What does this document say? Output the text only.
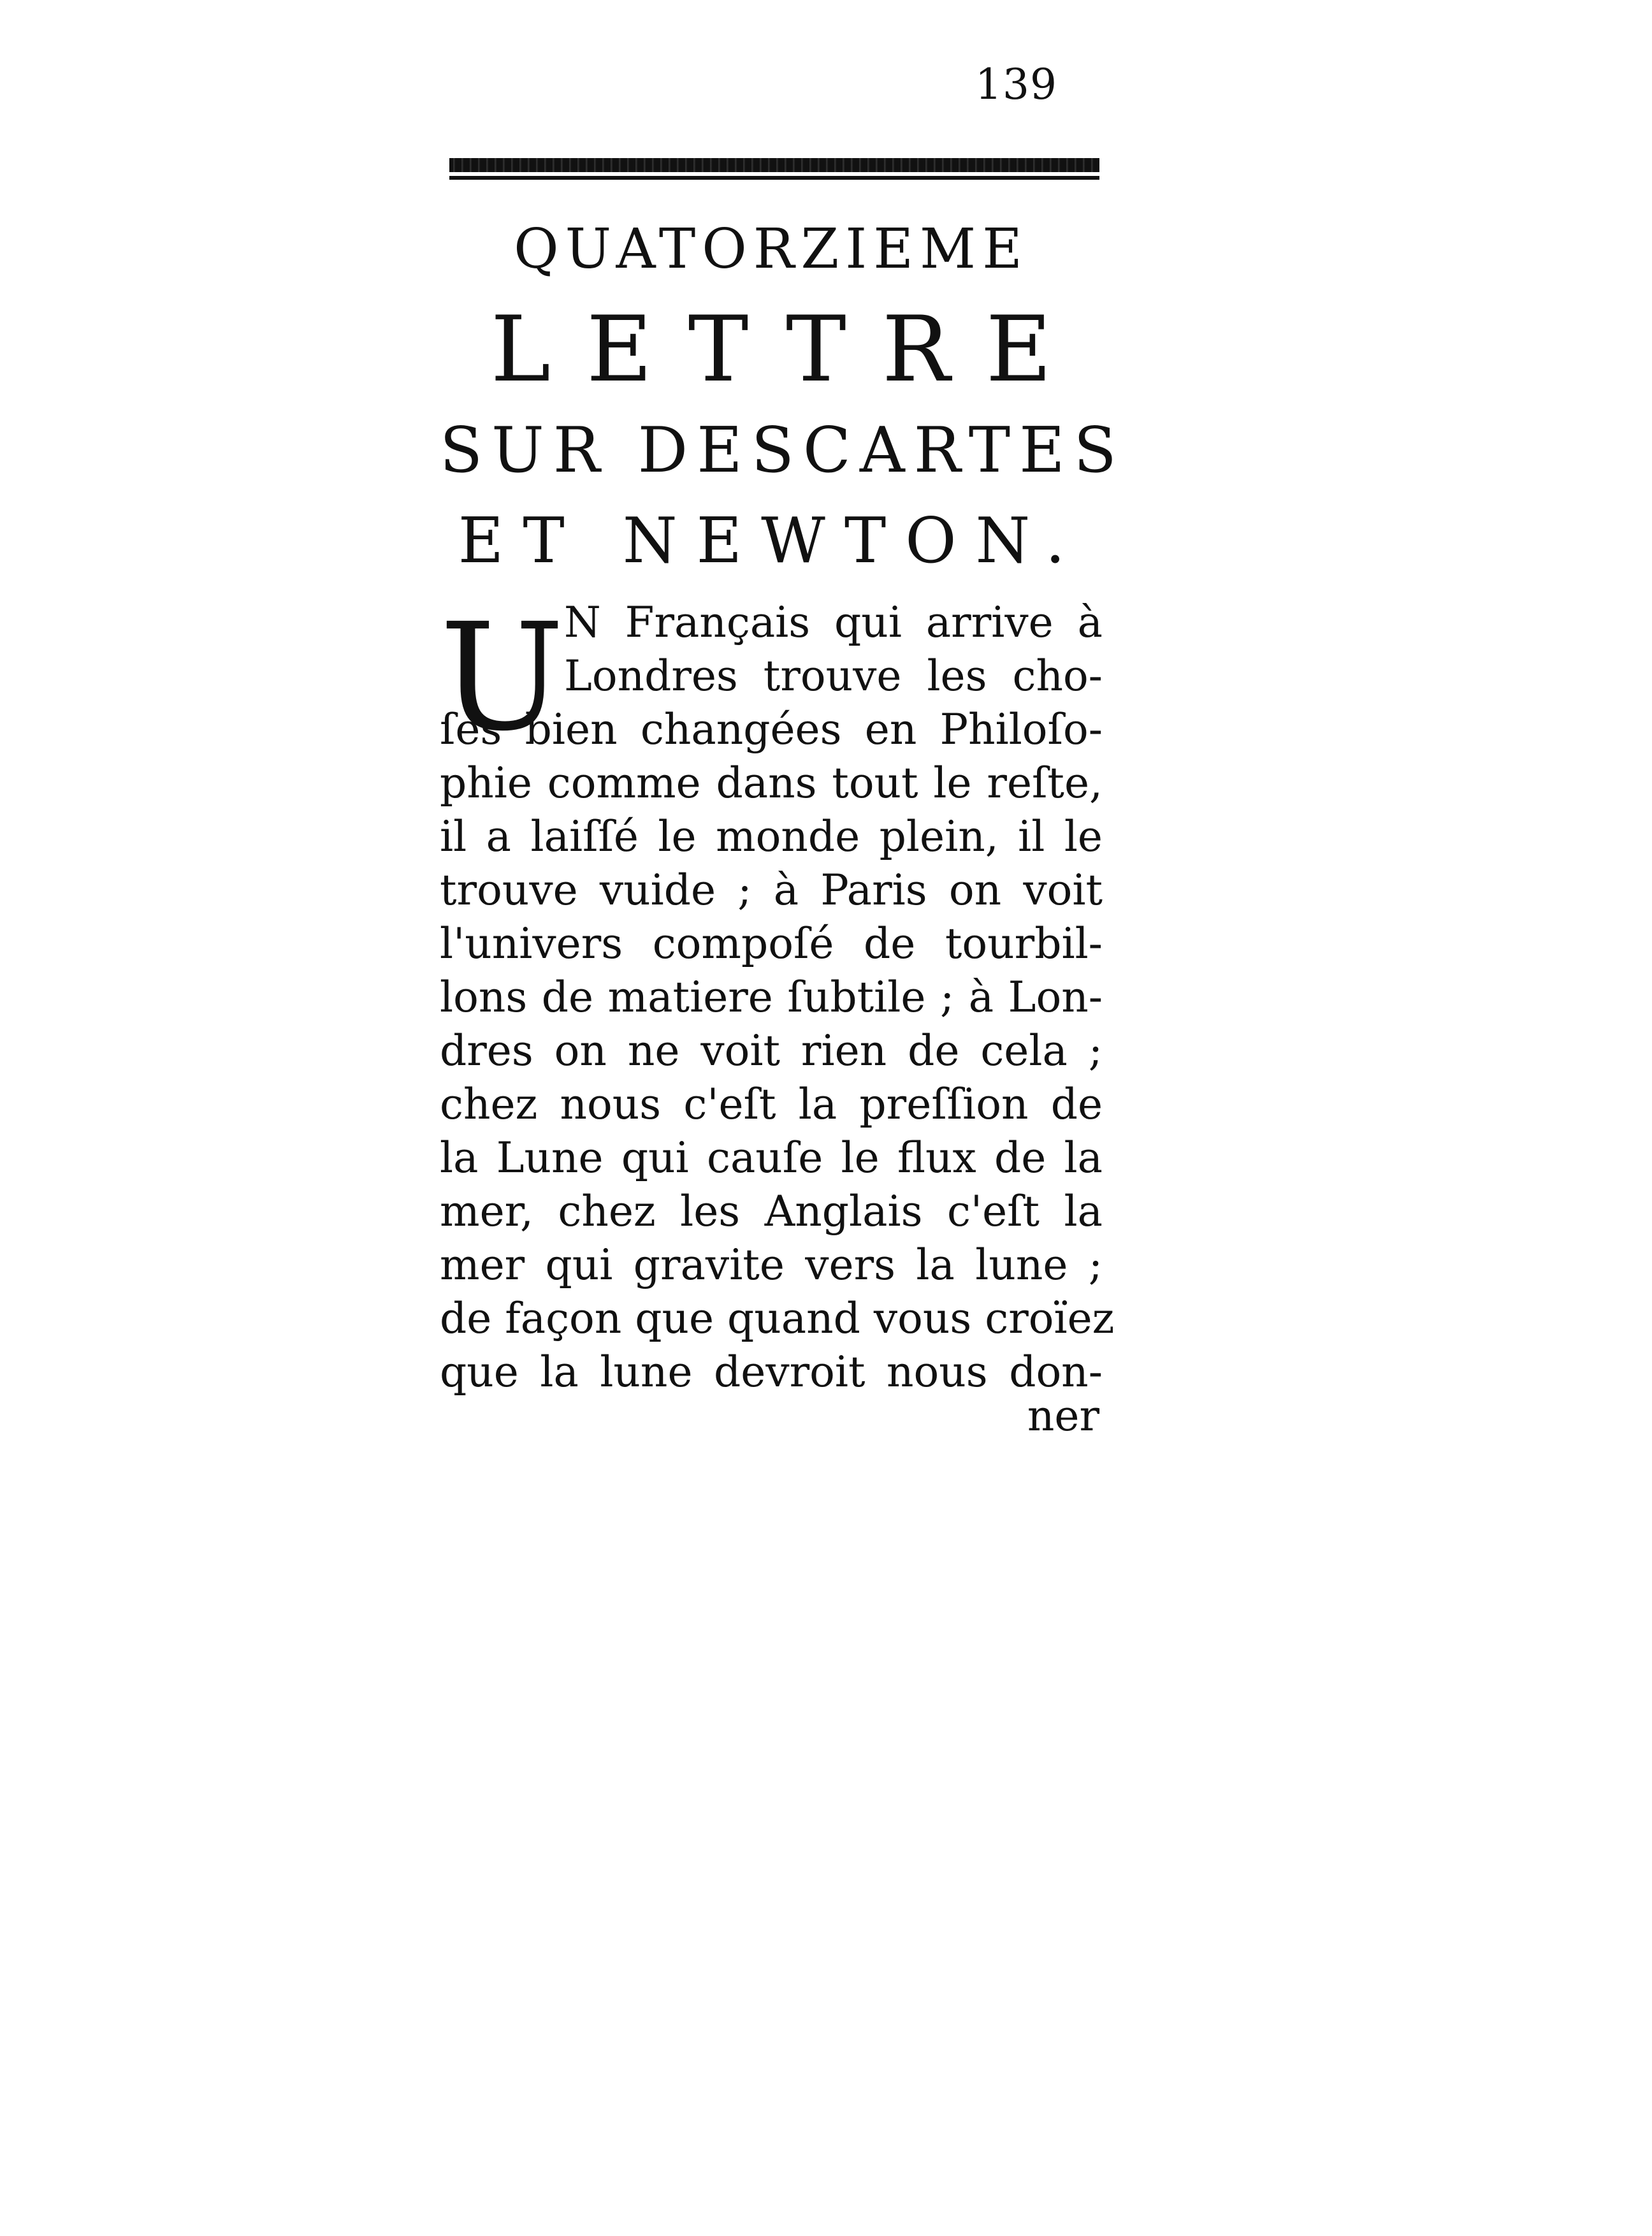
139
QUATORZIEME
LETTRE
SUR DESCARTES
ET NEWTON.
U N Français qui arrive à
Londres trouve les cho-
ſes bien changées en Philoſo-
phie comme dans tout le reſte,
il a laiſſé le monde plein, il le
trouve vuide ; à Paris on voit
l'univers compoſé de tourbil-
lons de matiere ſubtile ; à Lon-
dres on ne voit rien de cela ;
chez nous c'eſt la preſſion de
la Lune qui cauſe le flux de la
mer, chez les Anglais c'eſt la
mer qui gravite vers la lune ;
de façon que quand vous croïez
que la lune devroit nous don-
ner
